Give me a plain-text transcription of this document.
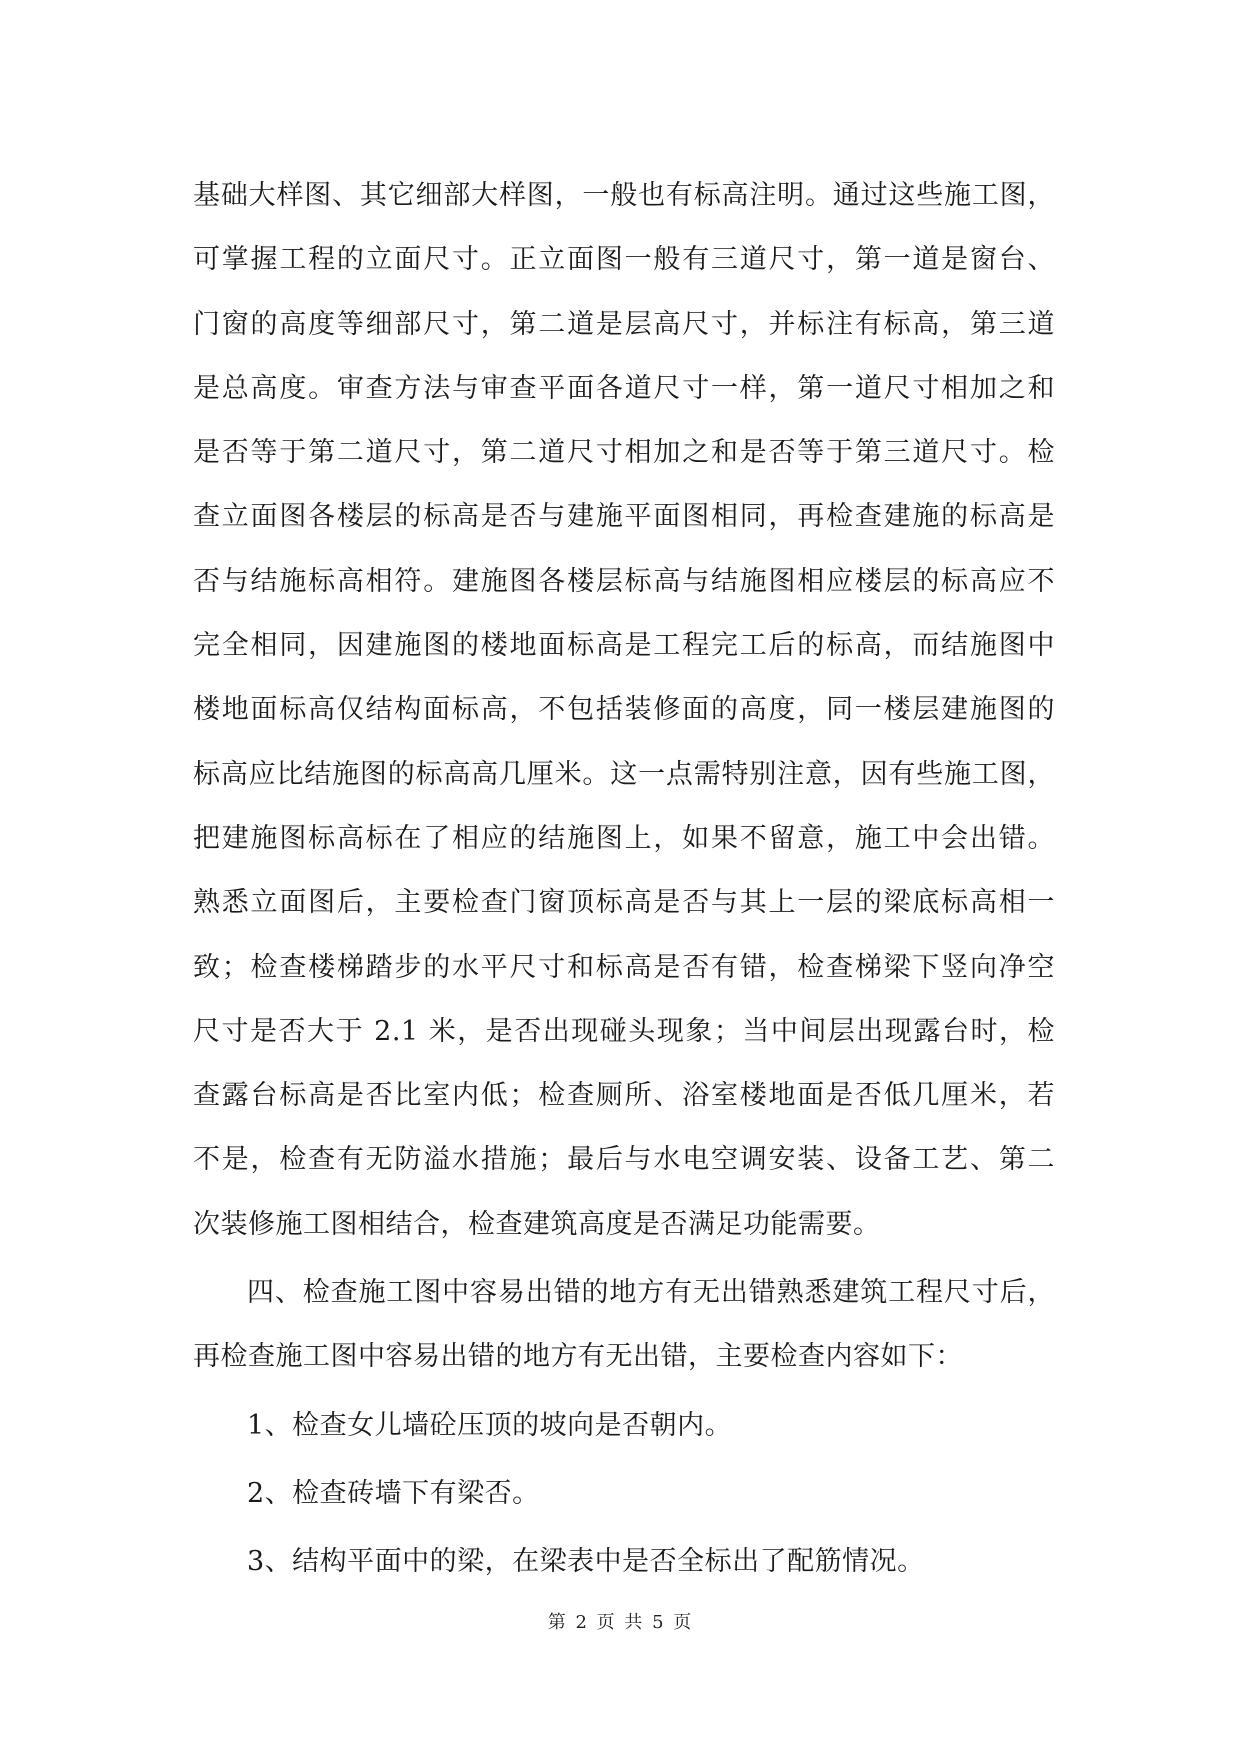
基础大样图、其它细部大样图，一般也有标高注明。通过这些施工图，
可掌握工程的立面尺寸。正立面图一般有三道尺寸，第一道是窗台、
门窗的高度等细部尺寸，第二道是层高尺寸，并标注有标高，第三道
是总高度。审查方法与审查平面各道尺寸一样，第一道尺寸相加之和
是否等于第二道尺寸，第二道尺寸相加之和是否等于第三道尺寸。检
查立面图各楼层的标高是否与建施平面图相同，再检查建施的标高是
否与结施标高相符。建施图各楼层标高与结施图相应楼层的标高应不
完全相同，因建施图的楼地面标高是工程完工后的标高，而结施图中
楼地面标高仅结构面标高，不包括装修面的高度，同一楼层建施图的
标高应比结施图的标高高几厘米。这一点需特别注意，因有些施工图，
把建施图标高标在了相应的结施图上，如果不留意，施工中会出错。
熟悉立面图后，主要检查门窗顶标高是否与其上一层的梁底标高相一
致；检查楼梯踏步的水平尺寸和标高是否有错，检查梯梁下竖向净空
尺寸是否大于 2.1 米，是否出现碰头现象；当中间层出现露台时，检
查露台标高是否比室内低；检查厕所、浴室楼地面是否低几厘米，若
不是，检查有无防溢水措施；最后与水电空调安装、设备工艺、第二
次装修施工图相结合，检查建筑高度是否满足功能需要。
四、检查施工图中容易出错的地方有无出错熟悉建筑工程尺寸后，
再检查施工图中容易出错的地方有无出错，主要检查内容如下：
1、检查女儿墙砼压顶的坡向是否朝内。
2、检查砖墙下有梁否。
3、结构平面中的梁，在梁表中是否全标出了配筋情况。
第 2 页 共 5 页
